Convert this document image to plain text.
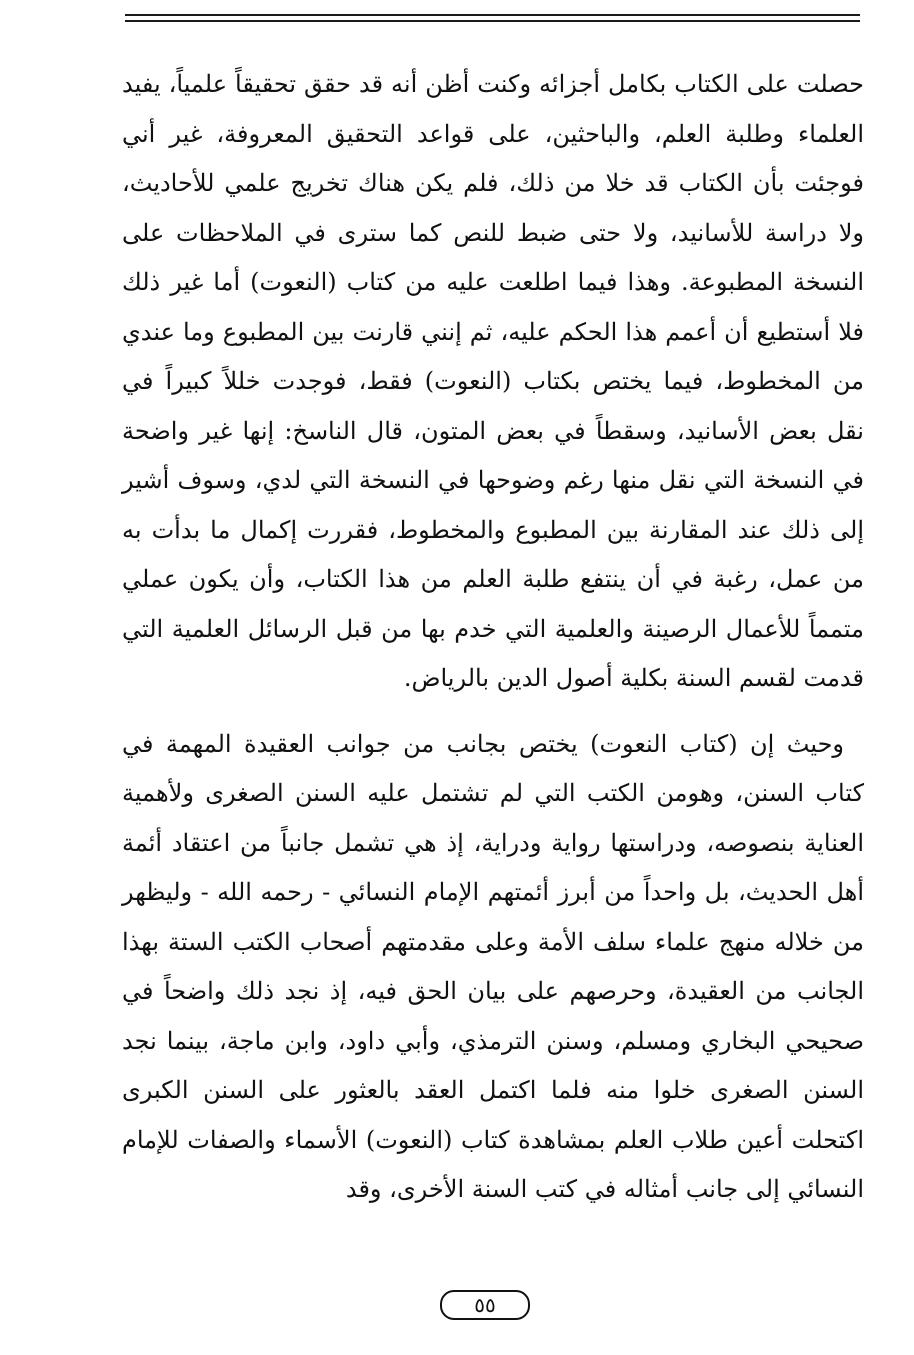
حصلت على الكتاب بكامل أجزائه وكنت أظن أنه قد حقق تحقيقاً علمياً، يفيد العلماء وطلبة العلم، والباحثين، على قواعد التحقيق المعروفة، غير أني فوجئت بأن الكتاب قد خلا من ذلك، فلم يكن هناك تخريج علمي للأحاديث، ولا دراسة للأسانيد، ولا حتى ضبط للنص كما سترى في الملاحظات على النسخة المطبوعة. وهذا فيما اطلعت عليه من كتاب (النعوت) أما غير ذلك فلا أستطيع أن أعمم هذا الحكم عليه، ثم إنني قارنت بين المطبوع وما عندي من المخطوط، فيما يختص بكتاب (النعوت) فقط، فوجدت خللاً كبيراً في نقل بعض الأسانيد، وسقطاً في بعض المتون، قال الناسخ: إنها غير واضحة في النسخة التي نقل منها رغم وضوحها في النسخة التي لدي، وسوف أشير إلى ذلك عند المقارنة بين المطبوع والمخطوط، فقررت إكمال ما بدأت به من عمل، رغبة في أن ينتفع طلبة العلم من هذا الكتاب، وأن يكون عملي متمماً للأعمال الرصينة والعلمية التي خدم بها من قبل الرسائل العلمية التي قدمت لقسم السنة بكلية أصول الدين بالرياض.

وحيث إن (كتاب النعوت) يختص بجانب من جوانب العقيدة المهمة في كتاب السنن، وهومن الكتب التي لم تشتمل عليه السنن الصغرى ولأهمية العناية بنصوصه، ودراستها رواية ودراية، إذ هي تشمل جانباً من اعتقاد أئمة أهل الحديث، بل واحداً من أبرز أئمتهم الإمام النسائي - رحمه الله - وليظهر من خلاله منهج علماء سلف الأمة وعلى مقدمتهم أصحاب الكتب الستة بهذا الجانب من العقيدة، وحرصهم على بيان الحق فيه، إذ نجد ذلك واضحاً في صحيحي البخاري ومسلم، وسنن الترمذي، وأبي داود، وابن ماجة، بينما نجد السنن الصغرى خلوا منه فلما اكتمل العقد بالعثور على السنن الكبرى اكتحلت أعين طلاب العلم بمشاهدة كتاب (النعوت) الأسماء والصفات للإمام النسائي إلى جانب أمثاله في كتب السنة الأخرى، وقد

٥٥
